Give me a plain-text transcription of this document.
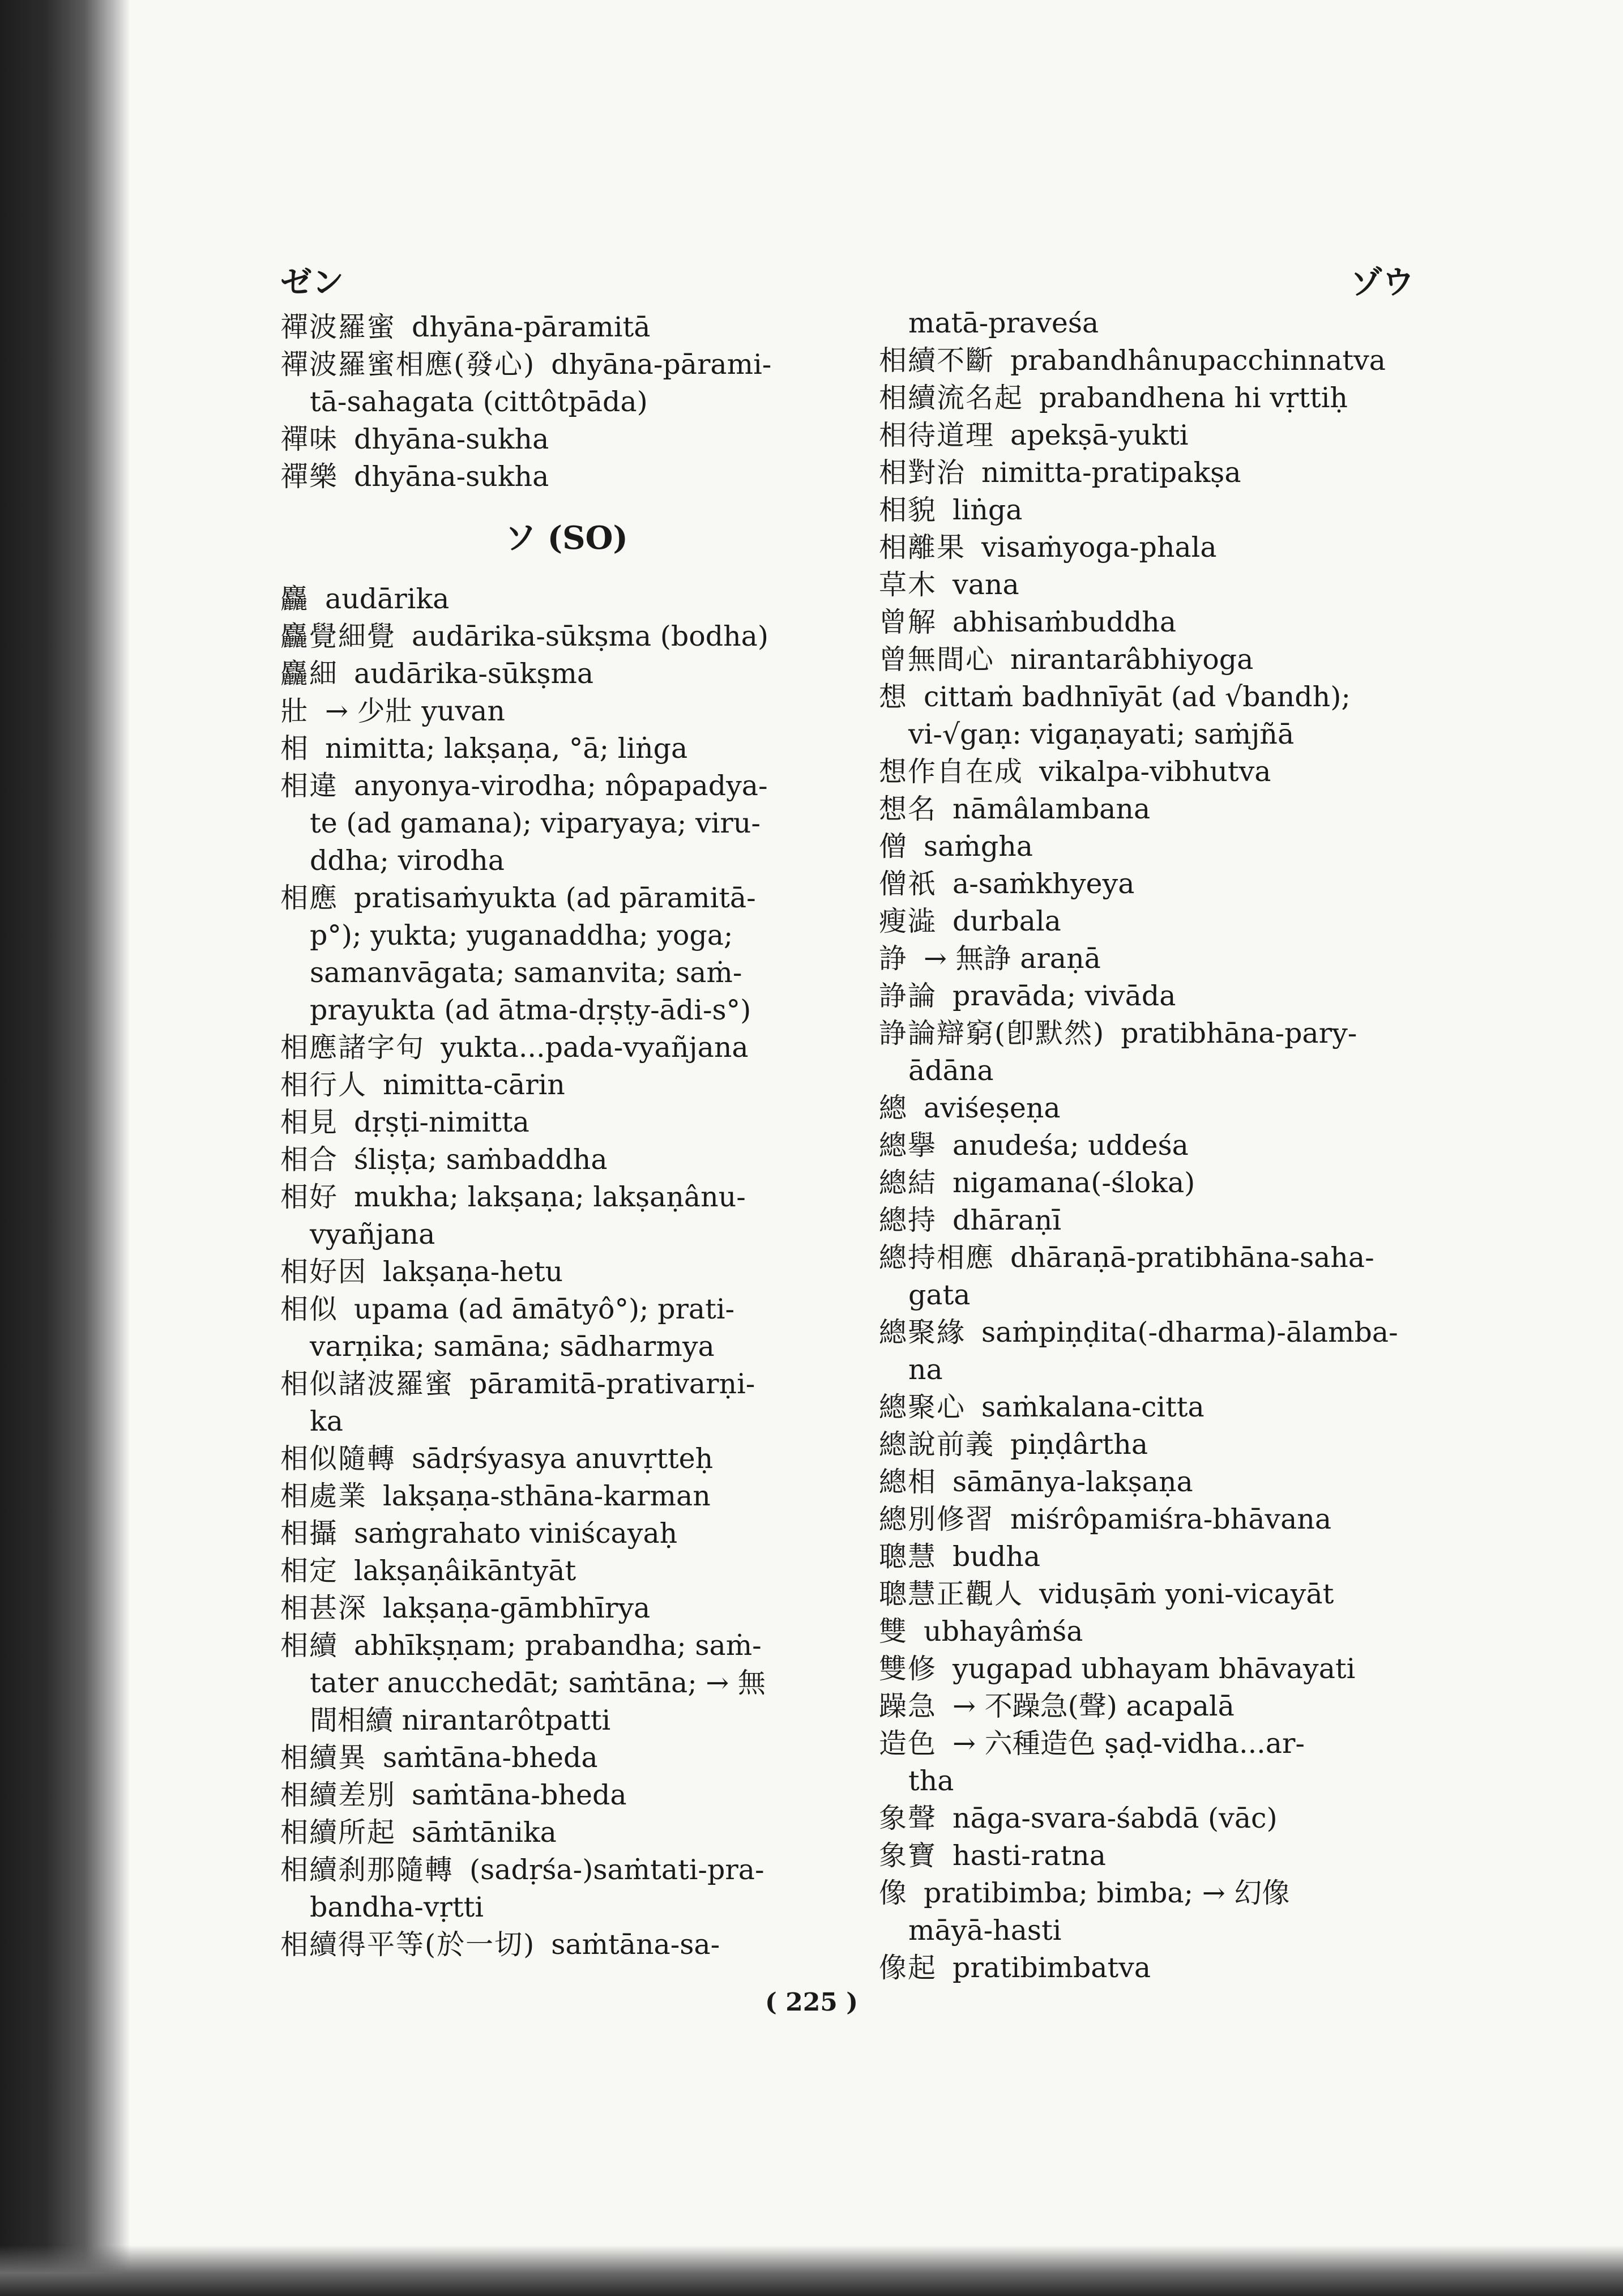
ゼン	ゾウ
禪波羅蜜 dhyāna-pāramitā
禪波羅蜜相應(發心) dhyāna-pārami-
tā-sahagata (cittôtpāda)
禪味 dhyāna-sukha
禪樂 dhyāna-sukha
ソ (SO)
麤 audārika
麤覺細覺 audārika-sūkṣma (bodha)
麤細 audārika-sūkṣma
壯 → 少壯 yuvan
相 nimitta; lakṣaṇa, °ā; liṅga
相違 anyonya-virodha; nôpapadya-
te (ad gamana); viparyaya; viru-
ddha; virodha
相應 pratisaṁyukta (ad pāramitā-
p°); yukta; yuganaddha; yoga;
samanvāgata; samanvita; saṁ-
prayukta (ad ātma-dṛṣṭy-ādi-s°)
相應諸字句 yukta...pada-vyañjana
相行人 nimitta-cārin
相見 dṛṣṭi-nimitta
相合 śliṣṭa; saṁbaddha
相好 mukha; lakṣaṇa; lakṣaṇânu-
vyañjana
相好因 lakṣaṇa-hetu
相似 upama (ad āmātyô°); prati-
varṇika; samāna; sādharmya
相似諸波羅蜜 pāramitā-prativarṇi-
ka
相似隨轉 sādṛśyasya anuvṛtteḥ
相處業 lakṣaṇa-sthāna-karman
相攝 saṁgrahato viniścayaḥ
相定 lakṣaṇâikāntyāt
相甚深 lakṣaṇa-gāmbhīrya
相續 abhīkṣṇam; prabandha; saṁ-
tater anucchedāt; saṁtāna; → 無
間相續 nirantarôtpatti
相續異 saṁtāna-bheda
相續差別 saṁtāna-bheda
相續所起 sāṁtānika
相續刹那隨轉 (sadṛśa-)saṁtati-pra-
bandha-vṛtti
相續得平等(於一切) saṁtāna-sa-
matā-praveśa
相續不斷 prabandhânupacchinnatva
相續流名起 prabandhena hi vṛttiḥ
相待道理 apekṣā-yukti
相對治 nimitta-pratipakṣa
相貌 liṅga
相離果 visaṁyoga-phala
草木 vana
曾解 abhisaṁbuddha
曾無間心 nirantarâbhiyoga
想 cittaṁ badhnīyāt (ad √bandh);
vi-√gaṇ: vigaṇayati; saṁjñā
想作自在成 vikalpa-vibhutva
想名 nāmâlambana
僧 saṁgha
僧祇 a-saṁkhyeya
瘦澁 durbala
諍 → 無諍 araṇā
諍論 pravāda; vivāda
諍論辯窮(卽默然) pratibhāna-pary-
ādāna
總 aviśeṣeṇa
總擧 anudeśa; uddeśa
總結 nigamana(-śloka)
總持 dhāraṇī
總持相應 dhāraṇā-pratibhāna-saha-
gata
總聚緣 saṁpiṇḍita(-dharma)-ālamba-
na
總聚心 saṁkalana-citta
總說前義 piṇḍârtha
總相 sāmānya-lakṣaṇa
總別修習 miśrôpamiśra-bhāvana
聰慧 budha
聰慧正觀人 viduṣāṁ yoni-vicayāt
雙 ubhayâṁśa
雙修 yugapad ubhayam bhāvayati
躁急 → 不躁急(聲) acapalā
造色 → 六種造色 ṣaḍ-vidha...ar-
tha
象聲 nāga-svara-śabdā (vāc)
象寶 hasti-ratna
像 pratibimba; bimba; → 幻像
māyā-hasti
像起 pratibimbatva
( 225 )
